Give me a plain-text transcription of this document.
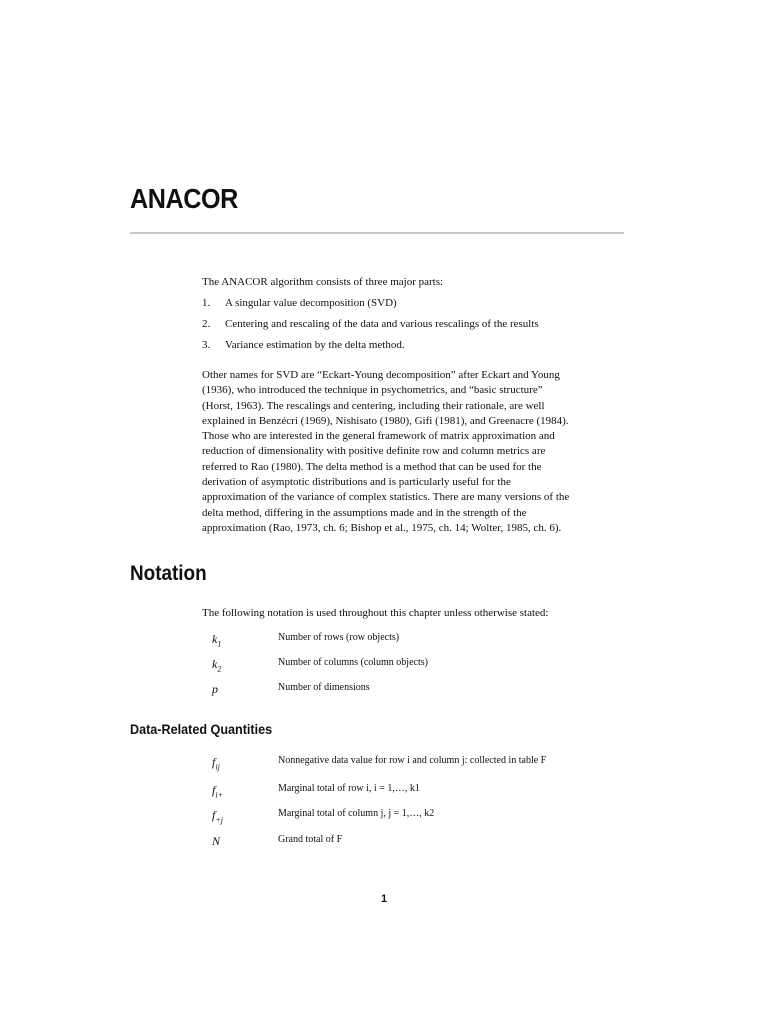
ANACOR
The ANACOR algorithm consists of three major parts:
1. A singular value decomposition (SVD)
2. Centering and rescaling of the data and various rescalings of the results
3. Variance estimation by the delta method.
Other names for SVD are “Eckart-Young decomposition” after Eckart and Young
(1936), who introduced the technique in psychometrics, and “basic structure”
(Horst, 1963). The rescalings and centering, including their rationale, are well
explained in Benzécri (1969), Nishisato (1980), Gifi (1981), and Greenacre (1984).
Those who are interested in the general framework of matrix approximation and
reduction of dimensionality with positive definite row and column metrics are
referred to Rao (1980). The delta method is a method that can be used for the
derivation of asymptotic distributions and is particularly useful for the
approximation of the variance of complex statistics. There are many versions of the
delta method, differing in the assumptions made and in the strength of the
approximation (Rao, 1973, ch. 6; Bishop et al., 1975, ch. 14; Wolter, 1985, ch. 6).
Notation
The following notation is used throughout this chapter unless otherwise stated:
$k_1$
Number of rows (row objects)
$k_2$
Number of columns (column objects)
p	Number of dimensions
Data-Related Quantities
$f_{ij}$
Nonnegative data value for row i and column j: collected in table F
$f_{i+}$
Marginal total of row i, i = 1,…, k1
$f_{+j}$
Marginal total of column j, j = 1,…, k2
N	Grand total of F
1
